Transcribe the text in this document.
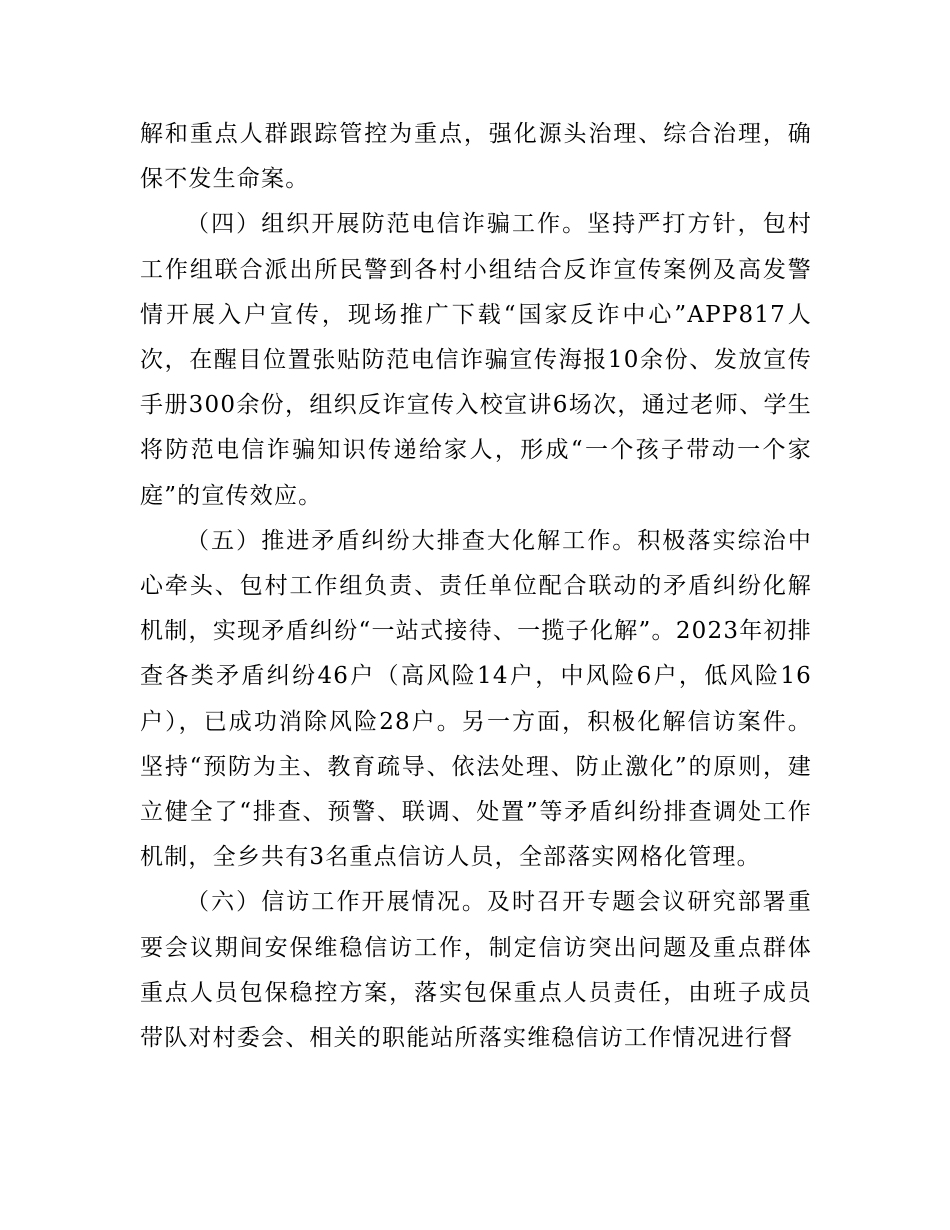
解和重点人群跟踪管控为重点，强化源头治理、综合治理，确保不发生命案。

（四）组织开展防范电信诈骗工作。坚持严打方针，包村工作组联合派出所民警到各村小组结合反诈宣传案例及高发警情开展入户宣传，现场推广下载“国家反诈中心”APP817人次，在醒目位置张贴防范电信诈骗宣传海报10余份、发放宣传手册300余份，组织反诈宣传入校宣讲6场次，通过老师、学生将防范电信诈骗知识传递给家人，形成“一个孩子带动一个家庭”的宣传效应。

（五）推进矛盾纠纷大排查大化解工作。积极落实综治中心牵头、包村工作组负责、责任单位配合联动的矛盾纠纷化解机制，实现矛盾纠纷“一站式接待、一揽子化解”。2023年初排查各类矛盾纠纷46户（高风险14户，中风险6户，低风险16户），已成功消除风险28户。另一方面，积极化解信访案件。坚持“预防为主、教育疏导、依法处理、防止激化”的原则，建立健全了“排查、预警、联调、处置”等矛盾纠纷排查调处工作机制，全乡共有3名重点信访人员，全部落实网格化管理。

（六）信访工作开展情况。及时召开专题会议研究部署重要会议期间安保维稳信访工作，制定信访突出问题及重点群体重点人员包保稳控方案，落实包保重点人员责任，由班子成员带队对村委会、相关的职能站所落实维稳信访工作情况进行督
